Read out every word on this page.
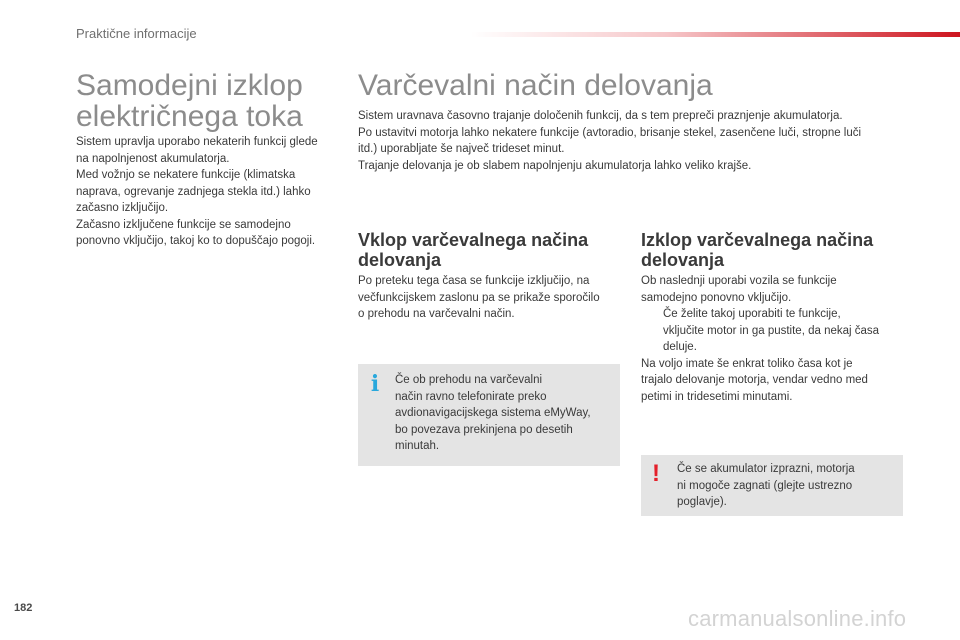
Praktične informacije
Samodejni izklop
električnega toka

Sistem upravlja uporabo nekaterih funkcij glede
na napolnjenost akumulatorja.
Med vožnjo se nekatere funkcije (klimatska
naprava, ogrevanje zadnjega stekla itd.) lahko
začasno izključijo.
Začasno izključene funkcije se samodejno
ponovno vključijo, takoj ko to dopuščajo pogoji.

Varčevalni način delovanja

Sistem uravnava časovno trajanje določenih funkcij, da s tem prepreči praznjenje akumulatorja.
Po ustavitvi motorja lahko nekatere funkcije (avtoradio, brisanje stekel, zasenčene luči, stropne luči
itd.) uporabljate še največ trideset minut.
Trajanje delovanja je ob slabem napolnjenju akumulatorja lahko veliko krajše.

Vklop varčevalnega načina
delovanja

Po preteku tega časa se funkcije izključijo, na
večfunkcijskem zaslonu pa se prikaže sporočilo
o prehodu na varčevalni način.

i Če ob prehodu na varčevalni
način ravno telefonirate preko
avdionavigacijskega sistema eMyWay,
bo povezava prekinjena po desetih
minutah.

Izklop varčevalnega načina
delovanja
Ob naslednji uporabi vozila se funkcije
samodejno ponovno vključijo.
Če želite takoj uporabiti te funkcije,
vključite motor in ga pustite, da nekaj časa
deluje.
Na voljo imate še enkrat toliko časa kot je
trajalo delovanje motorja, vendar vedno med
petimi in tridesetimi minutami.
! Če se akumulator izprazni, motorja
ni mogoče zagnati (glejte ustrezno
poglavje).

182	carmanualsonline.info
